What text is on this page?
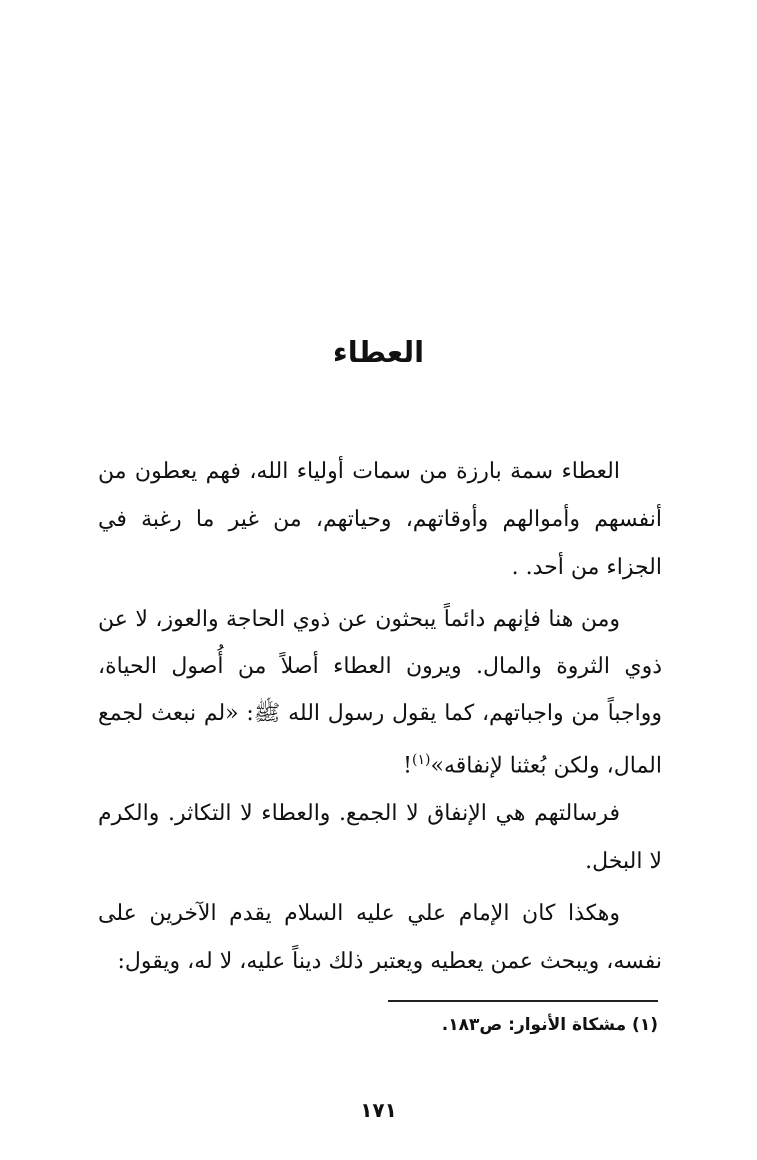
العطاء

العطاء سمة بارزة من سمات أولياء الله، فهم يعطون من أنفسهم وأموالهم وأوقاتهم، وحياتهم، من غير ما رغبة في الجزاء من أحد. .

ومن هنا فإنهم دائماً يبحثون عن ذوي الحاجة والعوز، لا عن ذوي الثروة والمال. ويرون العطاء أصلاً من أُصول الحياة، وواجباً من واجباتهم، كما يقول رسول الله ﷺ: «لم نبعث لجمع المال، ولكن بُعثنا لإنفاقه»$^{(١)}$!

فرسالتهم هي الإنفاق لا الجمع. والعطاء لا التكاثر. والكرم لا البخل.

وهكذا كان الإمام علي عليه السلام يقدم الآخرين على نفسه، ويبحث عمن يعطيه ويعتبر ذلك ديناً عليه، لا له، ويقول:

(١) مشكاة الأنوار: ص١٨٣.
١٧١
